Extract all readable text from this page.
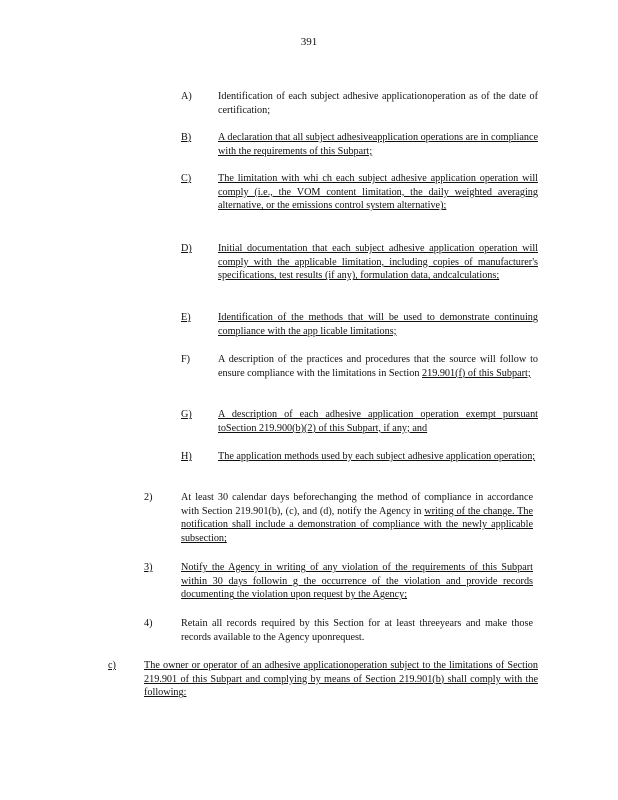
391
A)	Identification of each subject adhesive applicationoperation as of the date of certification;
B)	A declaration that all subject adhesiveapplication operations are in compliance with the requirements of this Subpart;
C)	The limitation with whi ch each subject adhesive application operation will comply (i.e., the VOM content limitation, the daily weighted averaging alternative, or the emissions control system alternative);
D)	Initial documentation that each subject adhesive application operation will comply with the applicable limitation, including copies of manufacturer's specifications, test results (if any), formulation data, andcalculations;
E)	Identification of the methods that will be used to demonstrate continuing compliance with the app licable limitations;
F)	A description of the practices and procedures that the source will follow to ensure compliance with the limitations in Section 219.901(f) of this Subpart;
G)	A description of each adhesive application operation exempt pursuant toSection 219.900(b)(2) of this Subpart, if any; and
H)	The application methods used by each subject adhesive application operation;
2)	At least 30 calendar days beforechanging the method of compliance in accordance with Section 219.901(b), (c), and (d), notify the Agency in writing of the change. The notification shall include a demonstration of compliance with the newly applicable subsection;
3)	Notify the Agency in writing of any violation of the requirements of this Subpart within 30 days followin g the occurrence of the violation and provide records documenting the violation upon request by the Agency;
4)	Retain all records required by this Section for at least threeyears and make those records available to the Agency uponrequest.
c)	The owner or operator of an adhesive applicationoperation subject to the limitations of Section 219.901 of this Subpart and complying by means of Section 219.901(b) shall comply with the following:
